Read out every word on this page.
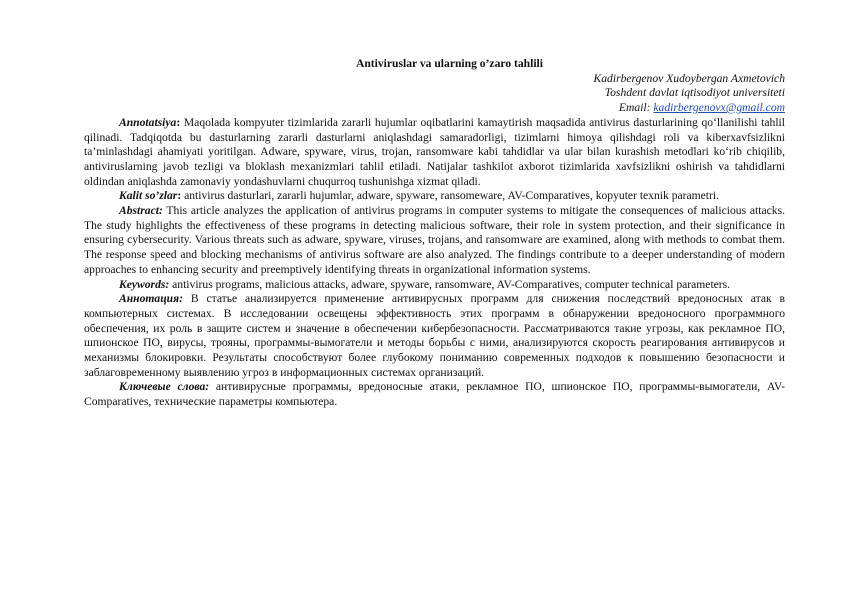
Antiviruslar va ularning o’zaro tahlili

Kadirbergenov Xudoybergan Axmetovich
Toshdent davlat iqtisodiyot universiteti
Email: kadirbergenovx@gmail.com

Annotatsiya: Maqolada kompyuter tizimlarida zararli hujumlar oqibatlarini kamaytirish maqsadida antivirus dasturlarining qo‘llanilishi tahlil qilinadi. Tadqiqotda bu dasturlarning zararli dasturlarni aniqlashdagi samaradorligi, tizimlarni himoya qilishdagi roli va kiberxavfsizlikni ta’minlashdagi ahamiyati yoritilgan. Adware, spyware, virus, trojan, ransomware kabi tahdidlar va ular bilan kurashish metodlari ko‘rib chiqilib, antiviruslarning javob tezligi va bloklash mexanizmlari tahlil etiladi. Natijalar tashkilot axborot tizimlarida xavfsizlikni oshirish va tahdidlarni oldindan aniqlashda zamonaviy yondashuvlarni chuqurroq tushunishga xizmat qiladi.

Kalit so’zlar: antivirus dasturlari, zararli hujumlar, adware, spyware, ransomeware, AV-Comparatives, kopyuter texnik parametri.

Abstract: This article analyzes the application of antivirus programs in computer systems to mitigate the consequences of malicious attacks. The study highlights the effectiveness of these programs in detecting malicious software, their role in system protection, and their significance in ensuring cybersecurity. Various threats such as adware, spyware, viruses, trojans, and ransomware are examined, along with methods to combat them. The response speed and blocking mechanisms of antivirus software are also analyzed. The findings contribute to a deeper understanding of modern approaches to enhancing security and preemptively identifying threats in organizational information systems.

Keywords: antivirus programs, malicious attacks, adware, spyware, ransomware, AV-Comparatives, computer technical parameters.

Аннотация: В статье анализируется применение антивирусных программ для снижения последствий вредоносных атак в компьютерных системах. В исследовании освещены эффективность этих программ в обнаружении вредоносного программного обеспечения, их роль в защите систем и значение в обеспечении кибербезопасности. Рассматриваются такие угрозы, как рекламное ПО, шпионское ПО, вирусы, трояны, программы-вымогатели и методы борьбы с ними, анализируются скорость реагирования антивирусов и механизмы блокировки. Результаты способствуют более глубокому пониманию современных подходов к повышению безопасности и заблаговременному выявлению угроз в информационных системах организаций.

Ключевые слова: антивирусные программы, вредоносные атаки, рекламное ПО, шпионское ПО, программы-вымогатели, AV-Comparatives, технические параметры компьютера.
